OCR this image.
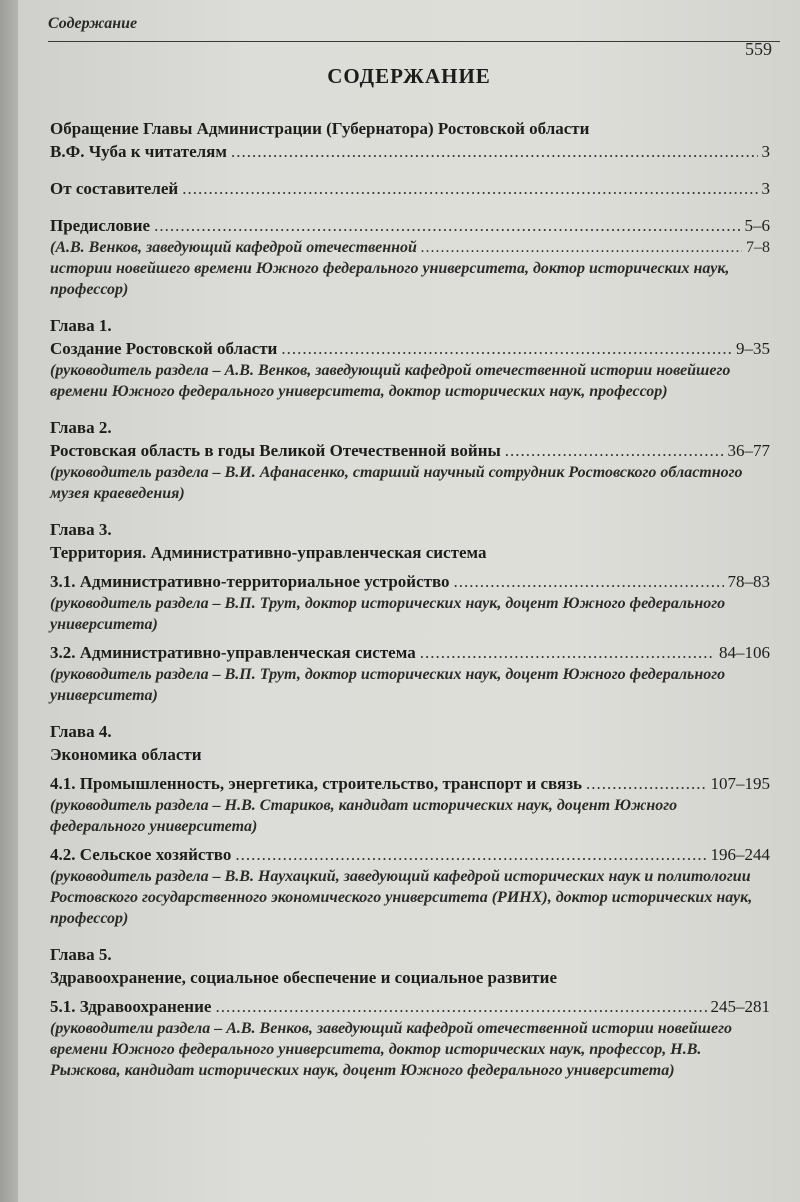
Содержание
559
СОДЕРЖАНИЕ
Обращение Главы Администрации (Губернатора) Ростовской области
В.Ф. Чуба к читателям .....	3
От составителей .....	3
Предисловие .....	5–6
(А.В. Венков, заведующий кафедрой отечественной .....	7–8
истории новейшего времени Южного федерального университета, доктор исторических наук, профессор)
Глава 1.
Создание Ростовской области .....	9–35
(руководитель раздела – А.В. Венков, заведующий кафедрой отечественной истории новейшего времени Южного федерального университета, доктор исторических наук, профессор)
Глава 2.
Ростовская область в годы Великой Отечественной войны .....	36–77
(руководитель раздела – В.И. Афанасенко, старший научный сотрудник Ростовского областного музея краеведения)
Глава 3.
Территория. Административно-управленческая система
3.1. Административно-территориальное устройство .....	78–83
(руководитель раздела – В.П. Трут, доктор исторических наук, доцент Южного федерального университета)
3.2. Административно-управленческая система .....	84–106
(руководитель раздела – В.П. Трут, доктор исторических наук, доцент Южного федерального университета)
Глава 4.
Экономика области
4.1. Промышленность, энергетика, строительство, транспорт и связь .....	107–195
(руководитель раздела – Н.В. Стариков, кандидат исторических наук, доцент Южного федерального университета)
4.2. Сельское хозяйство .....	196–244
(руководитель раздела – В.В. Наухацкий, заведующий кафедрой исторических наук и политологии Ростовского государственного экономического университета (РИНХ), доктор исторических наук, профессор)
Глава 5.
Здравоохранение, социальное обеспечение и социальное развитие
5.1. Здравоохранение .....	245–281
(руководители раздела – А.В. Венков, заведующий кафедрой отечественной истории новейшего времени Южного федерального университета, доктор исторических наук, профессор, Н.В. Рыжкова, кандидат исторических наук, доцент Южного федерального университета)
